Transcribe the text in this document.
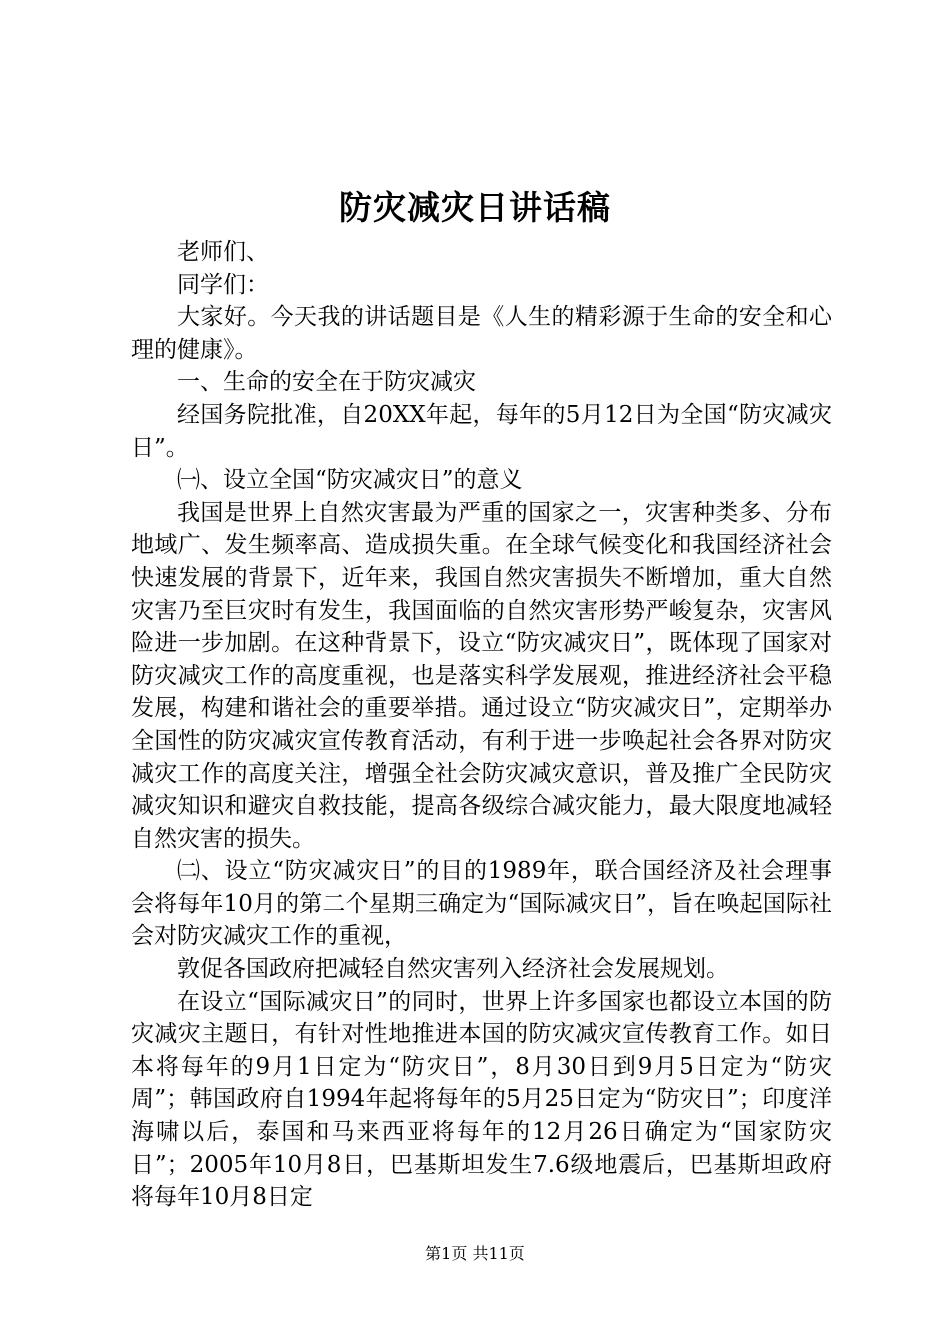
防灾减灾日讲话稿

老师们、

同学们：

大家好。今天我的讲话题目是《人生的精彩源于生命的安全和心理的健康》。

一、生命的安全在于防灾减灾

经国务院批准，自20XX年起，每年的5月12日为全国“防灾减灾日”。

㈠、设立全国“防灾减灾日”的意义

我国是世界上自然灾害最为严重的国家之一，灾害种类多、分布地域广、发生频率高、造成损失重。在全球气候变化和我国经济社会快速发展的背景下，近年来，我国自然灾害损失不断增加，重大自然灾害乃至巨灾时有发生，我国面临的自然灾害形势严峻复杂，灾害风险进一步加剧。在这种背景下，设立“防灾减灾日”，既体现了国家对防灾减灾工作的高度重视，也是落实科学发展观，推进经济社会平稳发展，构建和谐社会的重要举措。通过设立“防灾减灾日”，定期举办全国性的防灾减灾宣传教育活动，有利于进一步唤起社会各界对防灾减灾工作的高度关注，增强全社会防灾减灾意识，普及推广全民防灾减灾知识和避灾自救技能，提高各级综合减灾能力，最大限度地减轻自然灾害的损失。

㈡、设立“防灾减灾日”的目的1989年，联合国经济及社会理事会将每年10月的第二个星期三确定为“国际减灾日”，旨在唤起国际社会对防灾减灾工作的重视，

敦促各国政府把减轻自然灾害列入经济社会发展规划。

在设立“国际减灾日”的同时，世界上许多国家也都设立本国的防灾减灾主题日，有针对性地推进本国的防灾减灾宣传教育工作。如日本将每年的9月1日定为“防灾日”，8月30日到9月5日定为“防灾周”；韩国政府自1994年起将每年的5月25日定为“防灾日”；印度洋海啸以后，泰国和马来西亚将每年的12月26日确定为“国家防灾日”；2005年10月8日，巴基斯坦发生7.6级地震后，巴基斯坦政府将每年10月8日定

第1页 共11页
